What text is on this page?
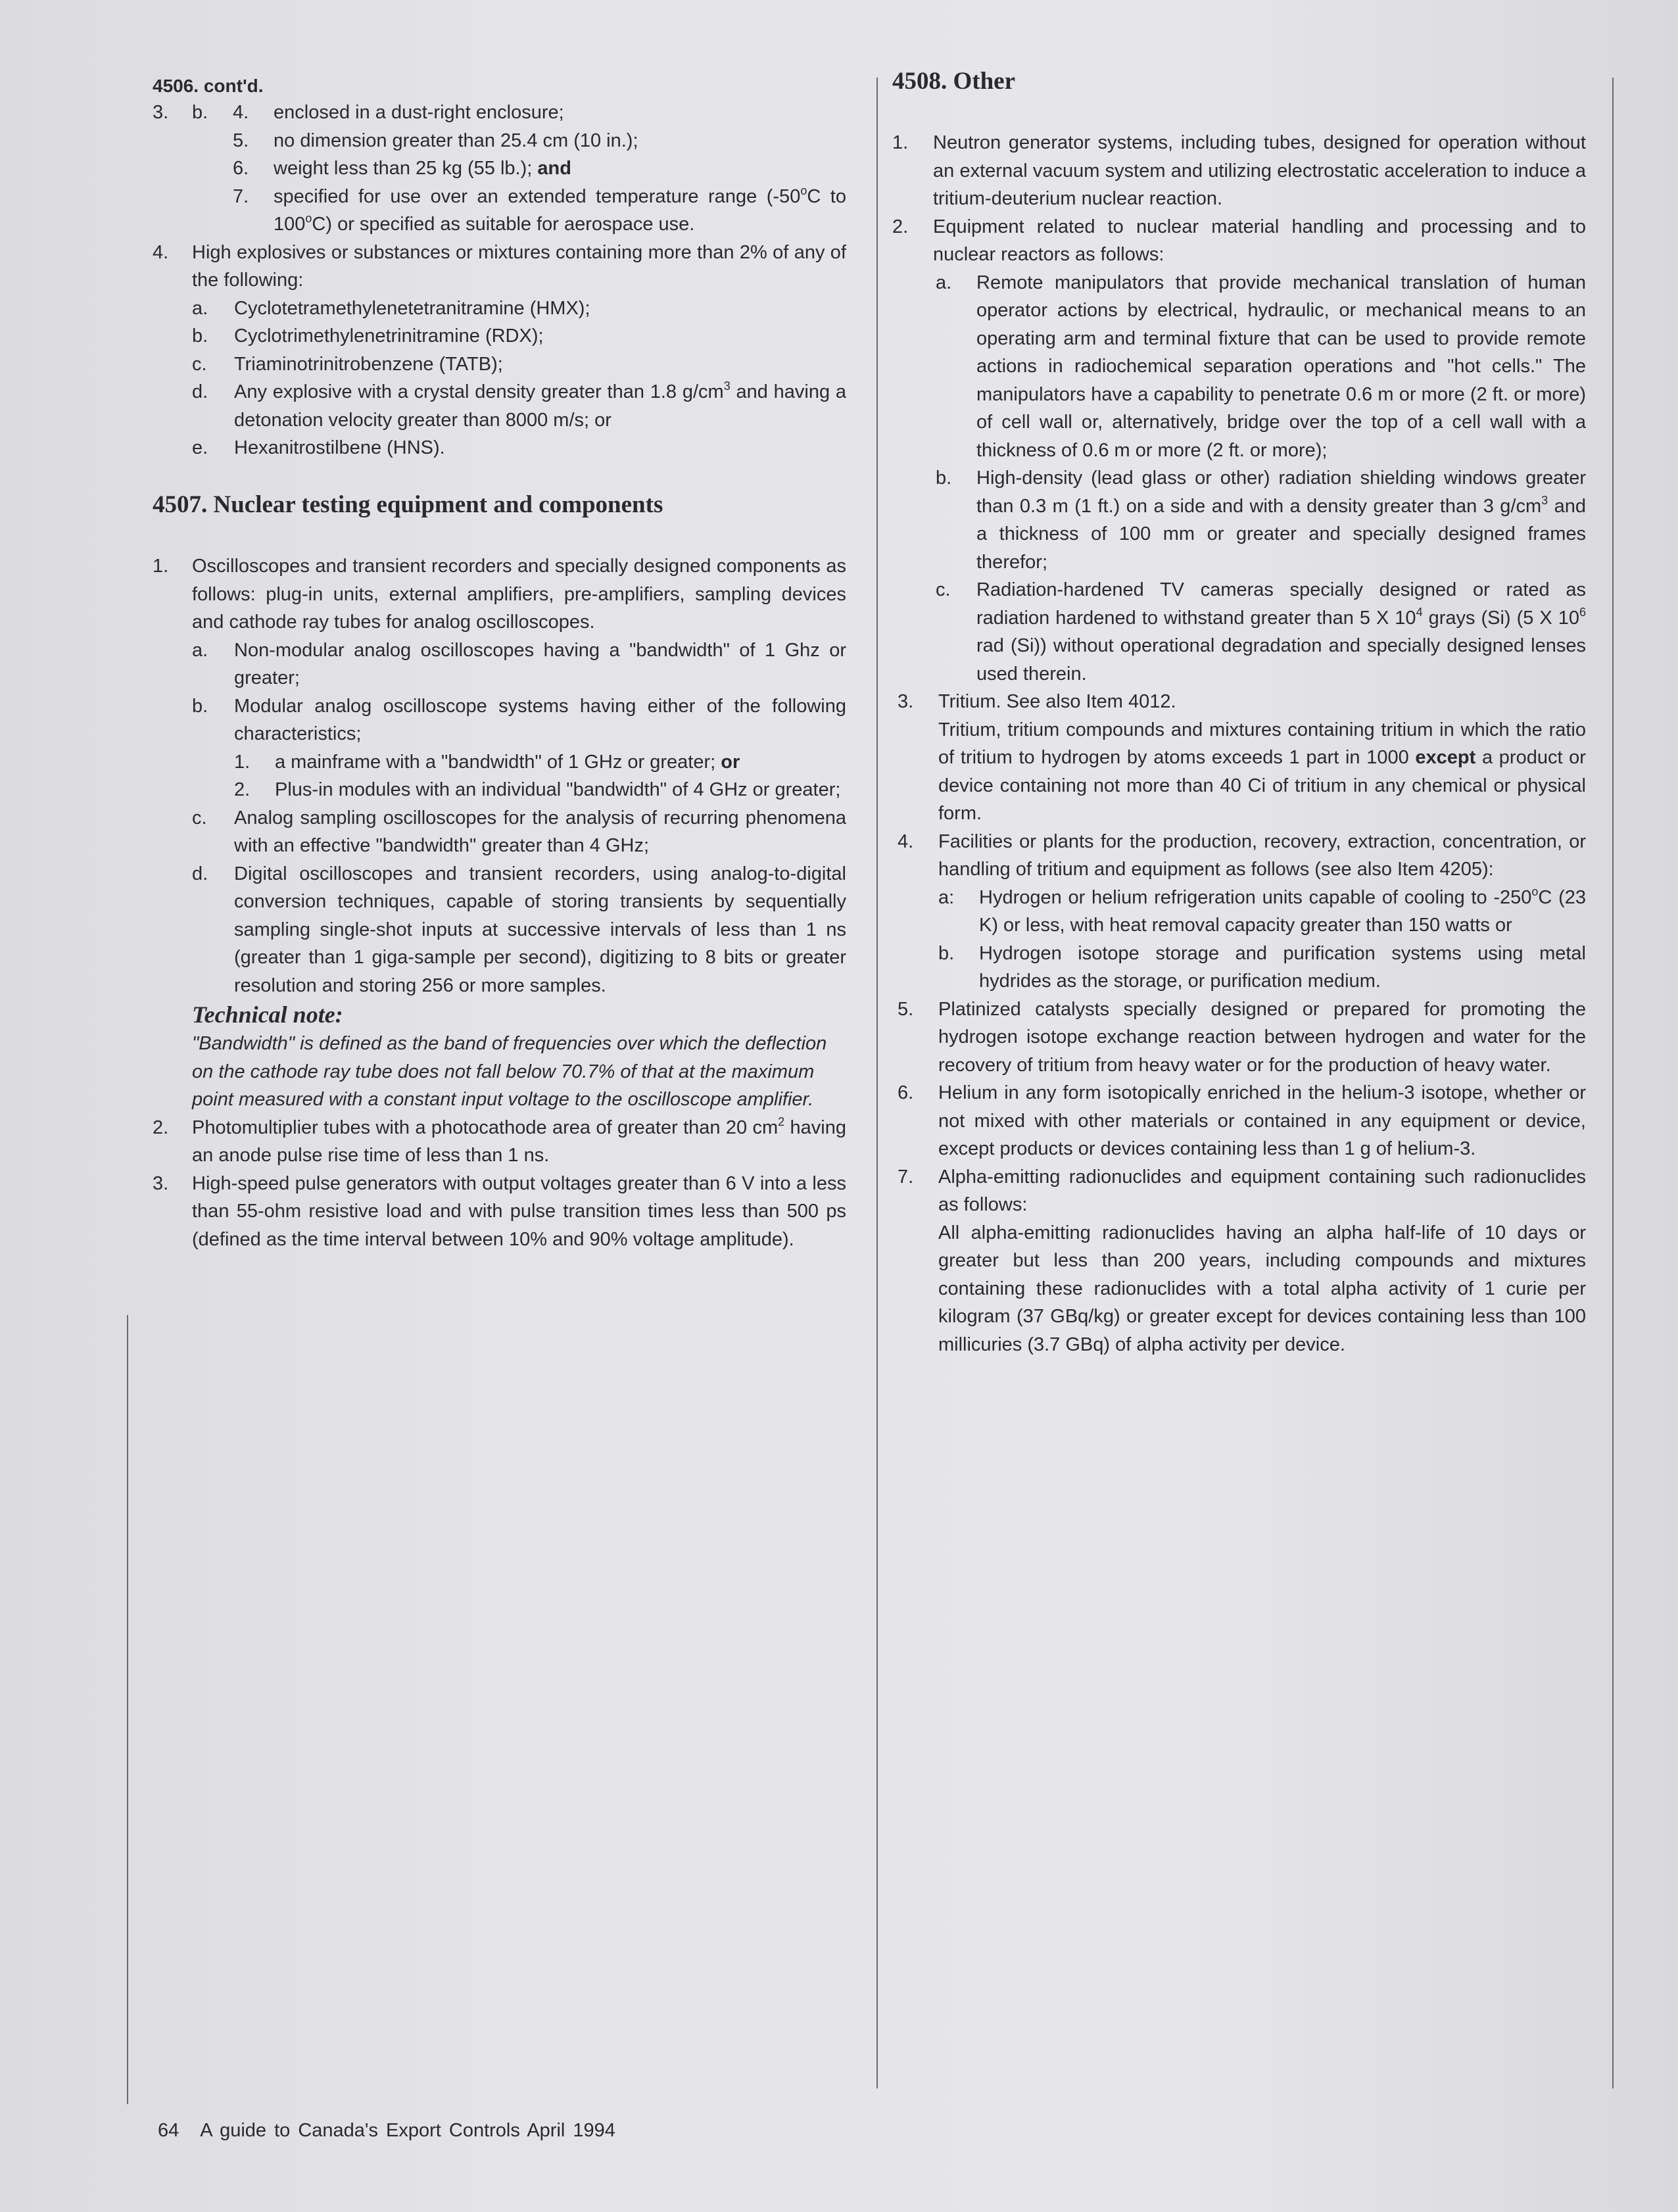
4506. cont'd.

3. b. 4. enclosed in a dust-right enclosure;
5. no dimension greater than 25.4 cm (10 in.);
6. weight less than 25 kg (55 lb.); and
7. specified for use over an extended temperature range (-50$^o$C to 100$^o$C) or specified as suitable for aerospace use.
4. High explosives or substances or mixtures containing more than 2% of any of the following:
a. Cyclotetramethylenetetranitramine (HMX);
b. Cyclotrimethylenetrinitramine (RDX);
c. Triaminotrinitrobenzene (TATB);
d. Any explosive with a crystal density greater than 1.8 $g/cm^3$ and having a detonation velocity greater than 8000 m/s; or
e. Hexanitrostilbene (HNS).

4507. Nuclear testing equipment and components

1. Oscilloscopes and transient recorders and specially designed components as follows: plug-in units, external amplifiers, pre-amplifiers, sampling devices and cathode ray tubes for analog oscilloscopes.
a. Non-modular analog oscilloscopes having a "bandwidth" of 1 Ghz or greater;
b. Modular analog oscilloscope systems having either of the following characteristics;
1. a mainframe with a "bandwidth" of 1 GHz or greater; or
2. Plus-in modules with an individual "bandwidth" of 4 GHz or greater;
c. Analog sampling oscilloscopes for the analysis of recurring phenomena with an effective "bandwidth" greater than 4 GHz;
d. Digital oscilloscopes and transient recorders, using analog-to-digital conversion techniques, capable of storing transients by sequentially sampling single-shot inputs at successive intervals of less than 1 ns (greater than 1 giga-sample per second), digitizing to 8 bits or greater resolution and storing 256 or more samples.

Technical note:

"Bandwidth" is defined as the band of frequencies over which the deflection on the cathode ray tube does not fall below 70.7% of that at the maximum point measured with a constant input voltage to the oscilloscope amplifier.

2. Photomultiplier tubes with a photocathode area of greater than 20 $cm^2$ having an anode pulse rise time of less than 1 ns.
3. High-speed pulse generators with output voltages greater than 6 V into a less than 55-ohm resistive load and with pulse transition times less than 500 ps (defined as the time interval between 10% and 90% voltage amplitude).

4508. Other

1. Neutron generator systems, including tubes, designed for operation without an external vacuum system and utilizing electrostatic acceleration to induce a tritium-deuterium nuclear reaction.
2. Equipment related to nuclear material handling and processing and to nuclear reactors as follows:
a. Remote manipulators that provide mechanical translation of human operator actions by electrical, hydraulic, or mechanical means to an operating arm and terminal fixture that can be used to provide remote actions in radiochemical separation operations and "hot cells." The manipulators have a capability to penetrate 0.6 m or more (2 ft. or more) of cell wall or, alternatively, bridge over the top of a cell wall with a thickness of 0.6 m or more (2 ft. or more);
b. High-density (lead glass or other) radiation shielding windows greater than 0.3 m (1 ft.) on a side and with a density greater than 3 $g/cm^3$ and a thickness of 100 mm or greater and specially designed frames therefor;
c. Radiation-hardened TV cameras specially designed or rated as radiation hardened to withstand greater than 5 X $10^4$ grays (Si) (5 X $10^6$ rad (Si)) without operational degradation and specially designed lenses used therein.
3. Tritium. See also Item 4012.
Tritium, tritium compounds and mixtures containing tritium in which the ratio of tritium to hydrogen by atoms exceeds 1 part in 1000 except a product or device containing not more than 40 Ci of tritium in any chemical or physical form.
4. Facilities or plants for the production, recovery, extraction, concentration, or handling of tritium and equipment as follows (see also Item 4205):
a: Hydrogen or helium refrigeration units capable of cooling to -250$^o$C (23 K) or less, with heat removal capacity greater than 150 watts or
b. Hydrogen isotope storage and purification systems using metal hydrides as the storage, or purification medium.
5. Platinized catalysts specially designed or prepared for promoting the hydrogen isotope exchange reaction between hydrogen and water for the recovery of tritium from heavy water or for the production of heavy water.
6. Helium in any form isotopically enriched in the helium-3 isotope, whether or not mixed with other materials or contained in any equipment or device, except products or devices containing less than 1 g of helium-3.
7. Alpha-emitting radionuclides and equipment containing such radionuclides as follows:
All alpha-emitting radionuclides having an alpha half-life of 10 days or greater but less than 200 years, including compounds and mixtures containing these radionuclides with a total alpha activity of 1 curie per kilogram (37 GBq/kg) or greater except for devices containing less than 100 millicuries (3.7 GBq) of alpha activity per device.
64 A guide to Canada's Export Controls April 1994
